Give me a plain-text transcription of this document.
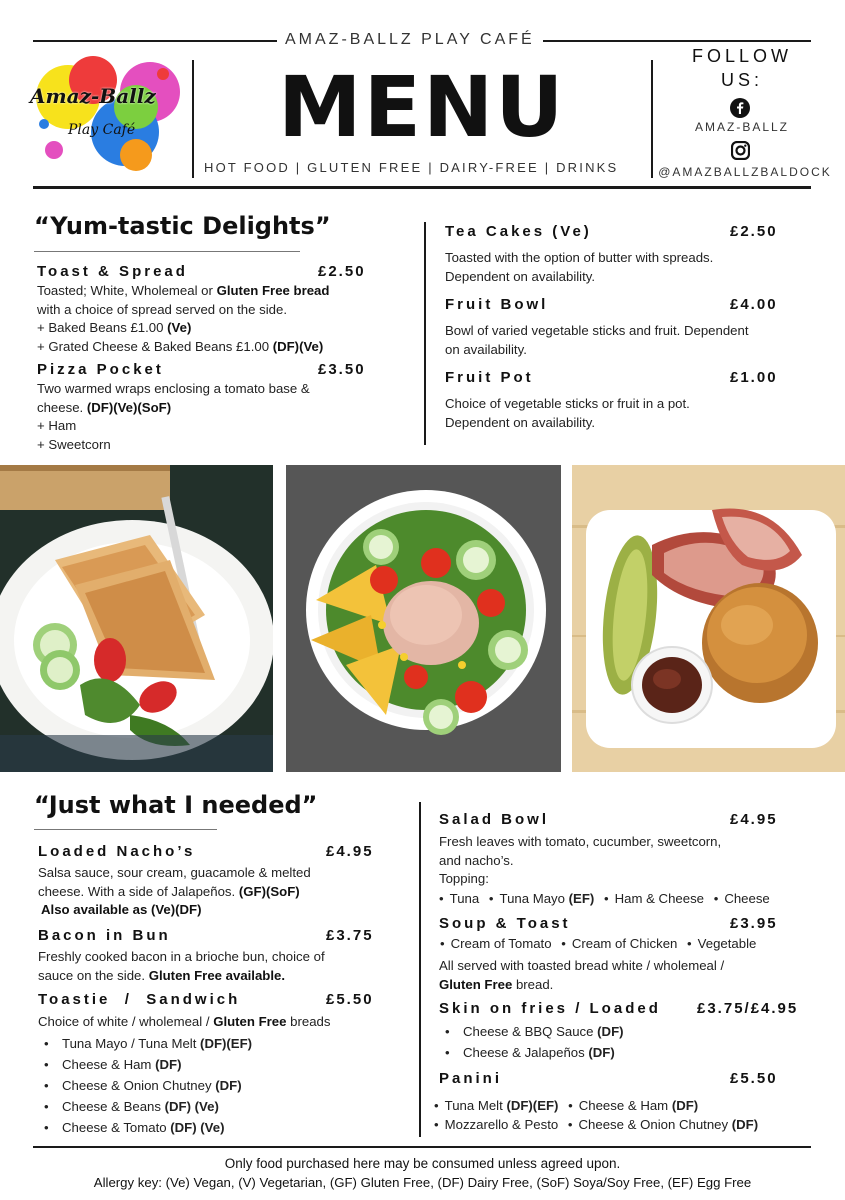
AMAZ-BALLZ PLAY CAFÉ
Amaz-Ballz
Play Café	MENU
HOT FOOD | GLUTEN FREE | DAIRY-FREE | DRINKS
FOLLOW
US:
AMAZ-BALLZ
@AMAZBALLZBALDOCK
“Yum-tastic Delights”
Toast & Spread	£2.50
Toasted; White, Wholemeal or Gluten Free bread
with a choice of spread served on the side.
+ Baked Beans £1.00 (Ve)
+ Grated Cheese & Baked Beans £1.00 (DF)(Ve)
Pizza Pocket	£3.50
Two warmed wraps enclosing a tomato base &
cheese. (DF)(Ve)(SoF)
+ Ham
+ Sweetcorn
Tea Cakes (Ve)	£2.50
Toasted with the option of butter with spreads.
Dependent on availability.
Fruit Bowl	£4.00
Bowl of varied vegetable sticks and fruit. Dependent
on availability.
Fruit Pot	£1.00
Choice of vegetable sticks or fruit in a pot.
Dependent on availability.
“Just what I needed”
Loaded Nacho’s	£4.95
Salsa sauce, sour cream, guacamole & melted
cheese. With a side of Jalapeños. (GF)(SoF)
Also available as (Ve)(DF)
Bacon in Bun	£3.75
Freshly cooked bacon in a brioche bun, choice of
sauce on the side. Gluten Free available.
Toastie  /  Sandwich	£5.50
Choice of white / wholemeal / Gluten Free breads
• Tuna Mayo / Tuna Melt (DF)(EF)
• Cheese & Ham (DF)
• Cheese & Onion Chutney (DF)
• Cheese & Beans (DF) (Ve)
• Cheese & Tomato (DF) (Ve)
Salad Bowl	£4.95
Fresh leaves with tomato, cucumber, sweetcorn,
and nacho’s.
Topping:
• Tuna • Tuna Mayo (EF) • Ham & Cheese • Cheese
Soup & Toast	£3.95
• Cream of Tomato • Cream of Chicken • Vegetable
All served with toasted bread white / wholemeal /
Gluten Free bread.
Skin on fries / Loaded £3.75/£4.95
• Cheese & BBQ Sauce (DF)
• Cheese & Jalapeños (DF)
Panini	£5.50
• Tuna Melt (DF)(EF) • Cheese & Ham (DF)
• Mozzarello & Pesto • Cheese & Onion Chutney (DF)
Only food purchased here may be consumed unless agreed upon.
Allergy key: (Ve) Vegan, (V) Vegetarian, (GF) Gluten Free, (DF) Dairy Free, (SoF) Soya/Soy Free, (EF) Egg Free
